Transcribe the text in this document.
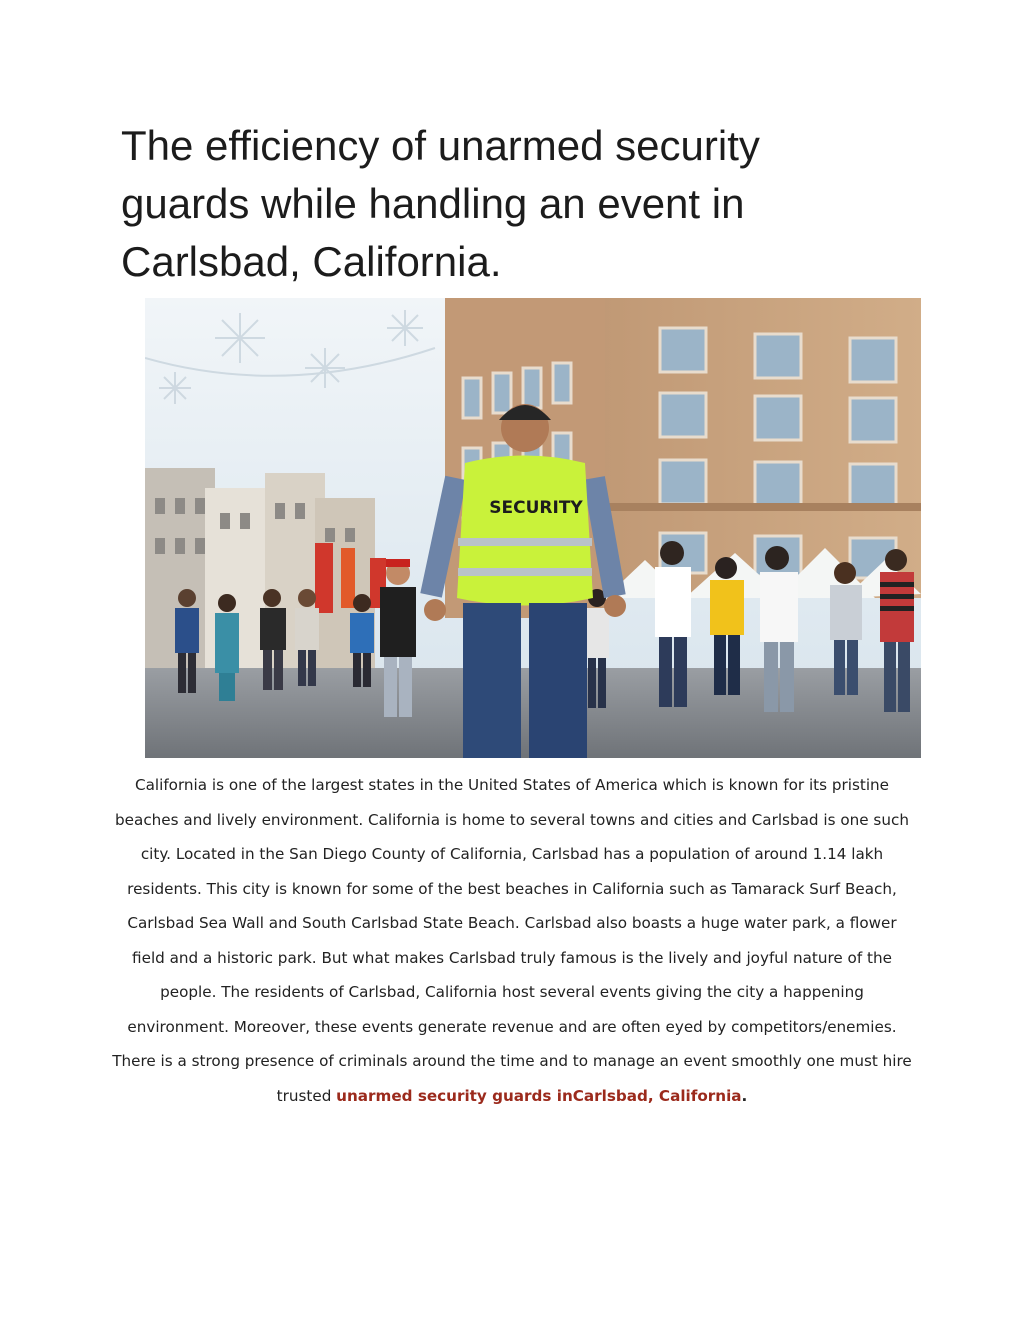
The efficiency of unarmed security guards while handling an event in Carlsbad, California.
SECURITY

California is one of the largest states in the United States of America which is known for its pristine beaches and lively environment. California is home to several towns and cities and Carlsbad is one such city. Located in the San Diego County of California, Carlsbad has a population of around 1.14 lakh residents. This city is known for some of the best beaches in California such as Tamarack Surf Beach, Carlsbad Sea Wall and South Carlsbad State Beach. Carlsbad also boasts a huge water park, a flower field and a historic park. But what makes Carlsbad truly famous is the lively and joyful nature of the people. The residents of Carlsbad, California host several events giving the city a happening environment. Moreover, these events generate revenue and are often eyed by competitors/enemies. There is a strong presence of criminals around the time and to manage an event smoothly one must hire trusted unarmed security guards inCarlsbad, California.
